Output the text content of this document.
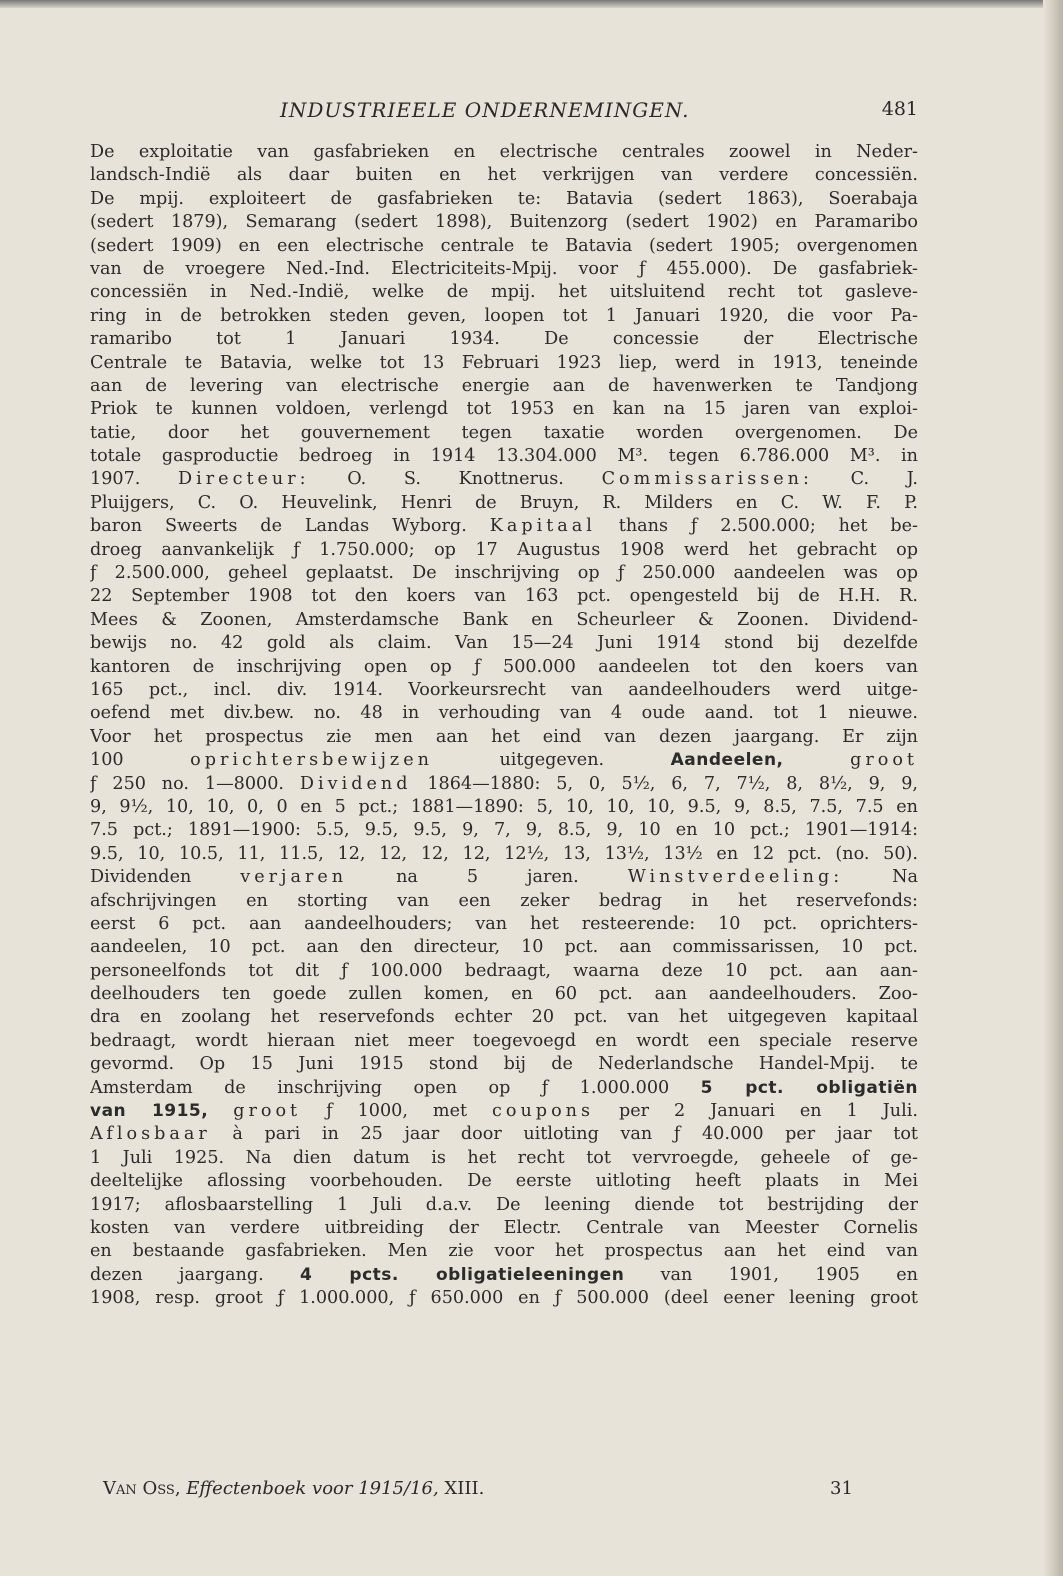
INDUSTRIEELE ONDERNEMINGEN.	481
De exploitatie van gasfabrieken en electrische centrales zoowel in Neder-
landsch-Indië als daar buiten en het verkrijgen van verdere concessiën.
De mpij. exploiteert de gasfabrieken te: Batavia (sedert 1863), Soerabaja
(sedert 1879), Semarang (sedert 1898), Buitenzorg (sedert 1902) en Paramaribo
(sedert 1909) en een electrische centrale te Batavia (sedert 1905; overgenomen
van de vroegere Ned.-Ind. Electriciteits-Mpij. voor ƒ 455.000). De gasfabriek-
concessiën in Ned.-Indië, welke de mpij. het uitsluitend recht tot gasleve-
ring in de betrokken steden geven, loopen tot 1 Januari 1920, die voor Pa-
ramaribo tot 1 Januari 1934. De concessie der Electrische
Centrale te Batavia, welke tot 13 Februari 1923 liep, werd in 1913, teneinde
aan de levering van electrische energie aan de havenwerken te Tandjong
Priok te kunnen voldoen, verlengd tot 1953 en kan na 15 jaren van exploi-
tatie, door het gouvernement tegen taxatie worden overgenomen. De
totale gasproductie bedroeg in 1914 13.304.000 M³. tegen 6.786.000 M³. in
1907. Directeur: O. S. Knottnerus. Commissarissen: C. J.
Pluijgers, C. O. Heuvelink, Henri de Bruyn, R. Milders en C. W. F. P.
baron Sweerts de Landas Wyborg. Kapitaal thans ƒ 2.500.000; het be-
droeg aanvankelijk ƒ 1.750.000; op 17 Augustus 1908 werd het gebracht op
ƒ 2.500.000, geheel geplaatst. De inschrijving op ƒ 250.000 aandeelen was op
22 September 1908 tot den koers van 163 pct. opengesteld bij de H.H. R.
Mees & Zoonen, Amsterdamsche Bank en Scheurleer & Zoonen. Dividend-
bewijs no. 42 gold als claim. Van 15—24 Juni 1914 stond bij dezelfde
kantoren de inschrijving open op ƒ 500.000 aandeelen tot den koers van
165 pct., incl. div. 1914. Voorkeursrecht van aandeelhouders werd uitge-
oefend met div.bew. no. 48 in verhouding van 4 oude aand. tot 1 nieuwe.
Voor het prospectus zie men aan het eind van dezen jaargang. Er zijn
100 oprichtersbewijzen uitgegeven. Aandeelen,	groot
ƒ 250 no. 1—8000. Dividend 1864—1880: 5, 0, 5½, 6, 7, 7½, 8, 8½, 9, 9,
9, 9½, 10, 10, 0, 0 en 5 pct.; 1881—1890: 5, 10, 10, 10, 9.5, 9, 8.5, 7.5, 7.5 en
7.5 pct.; 1891—1900: 5.5, 9.5, 9.5, 9, 7, 9, 8.5, 9, 10 en 10 pct.; 1901—1914:
9.5, 10, 10.5, 11, 11.5, 12, 12, 12, 12, 12½, 13, 13½, 13½ en 12 pct. (no. 50).
Dividenden verjaren na 5 jaren. Winstverdeeling: Na
afschrijvingen en storting van een zeker bedrag in het reservefonds:
eerst 6 pct. aan aandeelhouders; van het resteerende: 10 pct. oprichters-
aandeelen, 10 pct. aan den directeur, 10 pct. aan commissarissen, 10 pct.
personeelfonds tot dit ƒ 100.000 bedraagt, waarna deze 10 pct. aan aan-
deelhouders ten goede zullen komen, en 60 pct. aan aandeelhouders. Zoo-
dra en zoolang het reservefonds echter 20 pct. van het uitgegeven kapitaal
bedraagt, wordt hieraan niet meer toegevoegd en wordt een speciale reserve
gevormd. Op 15 Juni 1915 stond bij de Nederlandsche Handel-Mpij. te
Amsterdam de inschrijving open op ƒ 1.000.000 5 pct. obligatiën
van 1915, groot ƒ 1000, met coupons per 2 Januari en 1 Juli.
Aflosbaar à pari in 25 jaar door uitloting van ƒ 40.000 per jaar tot
1 Juli 1925. Na dien datum is het recht tot vervroegde, geheele of ge-
deeltelijke aflossing voorbehouden. De eerste uitloting heeft plaats in Mei
1917; aflosbaarstelling 1 Juli d.a.v. De leening diende tot bestrijding der
kosten van verdere uitbreiding der Electr. Centrale van Meester Cornelis
en bestaande gasfabrieken. Men zie voor het prospectus aan het eind van
dezen jaargang. 4 pcts. obligatieleeningen van 1901, 1905 en
1908, resp. groot ƒ 1.000.000, ƒ 650.000 en ƒ 500.000 (deel eener leening groot
Van Oss, Effectenboek voor 1915/16, XIII.	31
